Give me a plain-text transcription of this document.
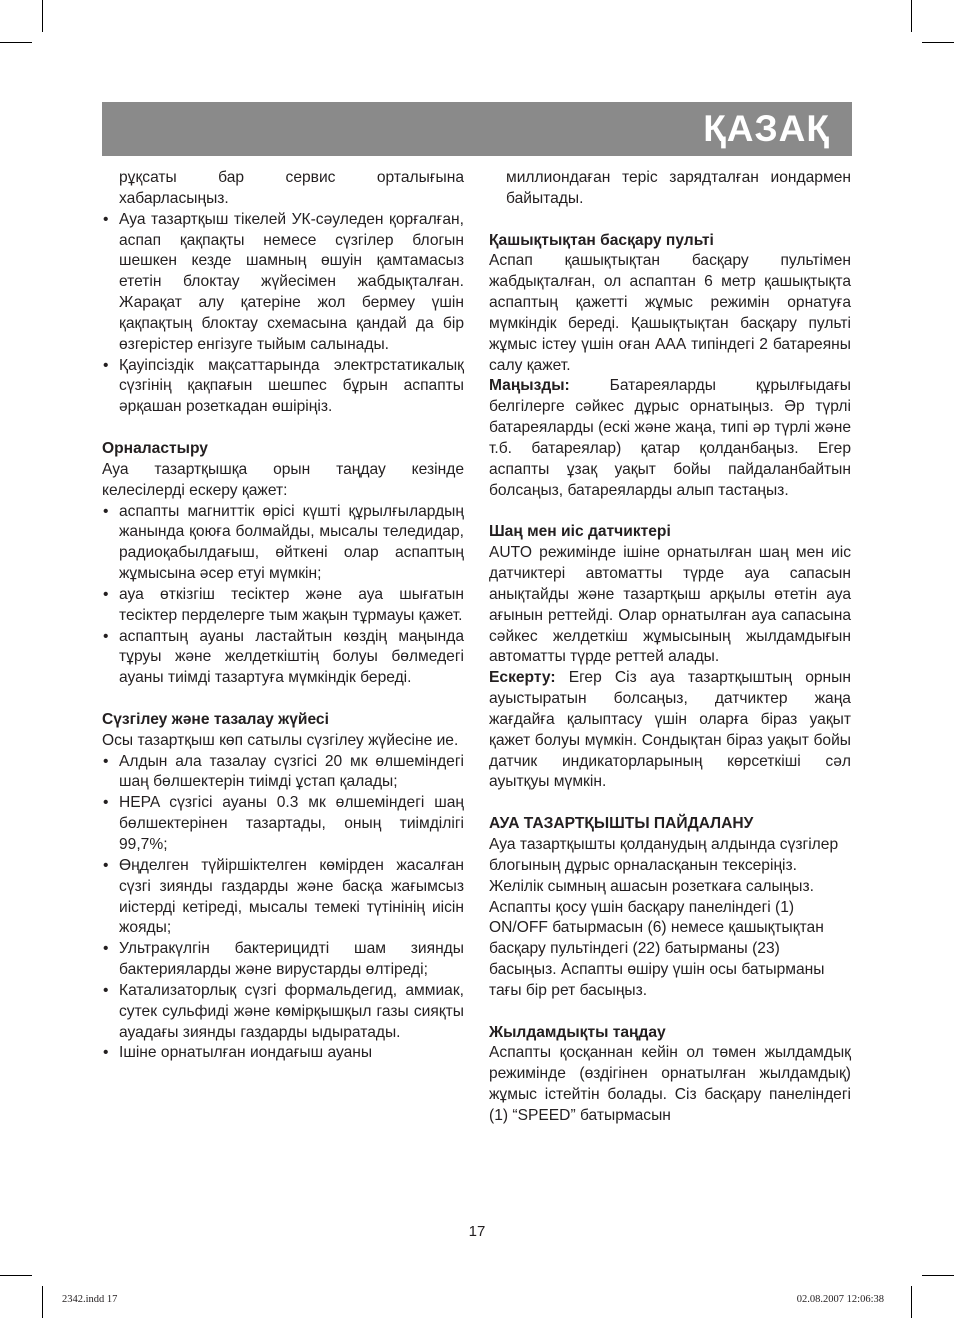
ҚАЗАҚ

рұқсаты бар сервис орталығына хабарласыңыз.

• Ауа тазартқыш тікелей УК-сәуледен қорғалған, аспап қақпақты немесе сүзгілер блогын шешкен кезде шамның өшуін қамтамасыз ететін блоктау жүйесімен жабдықталған. Жарақат алу қатеріне жол бермеу үшін қақпақтың блоктау схемасына қандай да бір өзгерістер енгізуге тыйым салынады.
• Қауіпсіздік мақсаттарында электрстатикалық сүзгінің қақпағын шешпес бұрын аспапты әрқашан розеткадан өшіріңіз.

Орналастыру

Ауа тазартқышқа орын таңдау кезінде келесілерді ескеру қажет:

• аспапты магниттік өрісі күшті құрылғылардың жанында қоюға болмайды, мысалы теледидар, радиоқабылдағыш, өйткені олар аспаптың жұмысына әсер етуі мүмкін;
• ауа өткізгіш тесіктер және ауа шығатын тесіктер перделерге тым жақын тұрмауы қажет.
• аспаптың ауаны ластайтын көздің маңында тұруы және желдеткіштің болуы бөлмедегі ауаны тиімді тазартуға мүмкіндік береді.

Сүзгілеу және тазалау жүйесі

Осы тазартқыш көп сатылы сүзгілеу жүйесіне ие.

• Алдын ала тазалау сүзгісі 20 мк өлшеміндегі шаң бөлшектерін тиімді ұстап қалады;
• HEPA сүзгісі ауаны 0.3 мк өлшеміндегі шаң бөлшектерінен тазартады, оның тиімділігі 99,7%;
• Өңделген түйіршіктелген көмірден жасалған сүзгі зиянды газдарды және басқа жағымсыз иістерді кетіреді, мысалы темекі түтінінің иісін жояды;
• Ультракүлгін бактерицидті шам зиянды бактерияларды және вирустарды өлтіреді;
• Катализаторлық сүзгі формальдегид, аммиак, сутек сульфиді және көмірқышқыл газы сияқты ауадағы зиянды газдарды ыдыратады.
• Ішіне орнатылған иондағыш ауаны

миллиондаған теріс зарядталған иондармен байытады.

Қашықтықтан басқару пульті

Аспап қашықтықтан басқару пультімен жабдықталған, ол аспаптан 6 метр қашықтықта аспаптың қажетті жұмыс режимін орнатуға мүмкіндік береді. Қашықтықтан басқару пульті жұмыс істеу үшін оған ААА типіндегі 2 батареяны салу қажет.

Маңызды: Батареяларды құрылғыдағы белгілерге сәйкес дұрыс орнатыңыз. Әр түрлі батареяларды (ескі және жаңа, типі әр түрлі және т.б. батареялар) қатар қолданбаңыз. Егер аспапты ұзақ уақыт бойы пайдаланбайтын болсаңыз, батареяларды алып тастаңыз.

Шаң мен иіс датчиктері

AUTO режимінде ішіне орнатылған шаң мен иіс датчиктері автоматты түрде ауа сапасын анықтайды және тазартқыш арқылы өтетін ауа ағынын реттейді. Олар орнатылған ауа сапасына сәйкес желдеткіш жұмысының жылдамдығын автоматты түрде реттей алады.

Ескерту: Егер Сіз ауа тазартқыштың орнын ауыстыратын болсаңыз, датчиктер жаңа жағдайға қалыптасу үшін оларға біраз уақыт қажет болуы мүмкін. Сондықтан біраз уақыт бойы датчик индикаторларының көрсеткіші сәл ауытқуы мүмкін.

АУА ТАЗАРТҚЫШТЫ ПАЙДАЛАНУ

Ауа тазартқышты қолданудың алдында сүзгілер блогының дұрыс орналасқанын тексеріңіз.

Желілік сымның ашасын розеткаға салыңыз. Аспапты қосу үшін басқару панеліндегі (1) ON/OFF батырмасын (6) немесе қашықтықтан басқару пультіндегі (22) батырманы (23) басыңыз. Аспапты өшіру үшін осы батырманы тағы бір рет басыңыз.

Жылдамдықты таңдау

Аспапты қосқаннан кейін ол төмен жылдамдық режимінде (өздігінен орнатылған жылдамдық) жұмыс істейтін болады. Сіз басқару панеліндегі (1) “SPEED” батырмасын

17
2342.indd 17	02.08.2007 12:06:38
